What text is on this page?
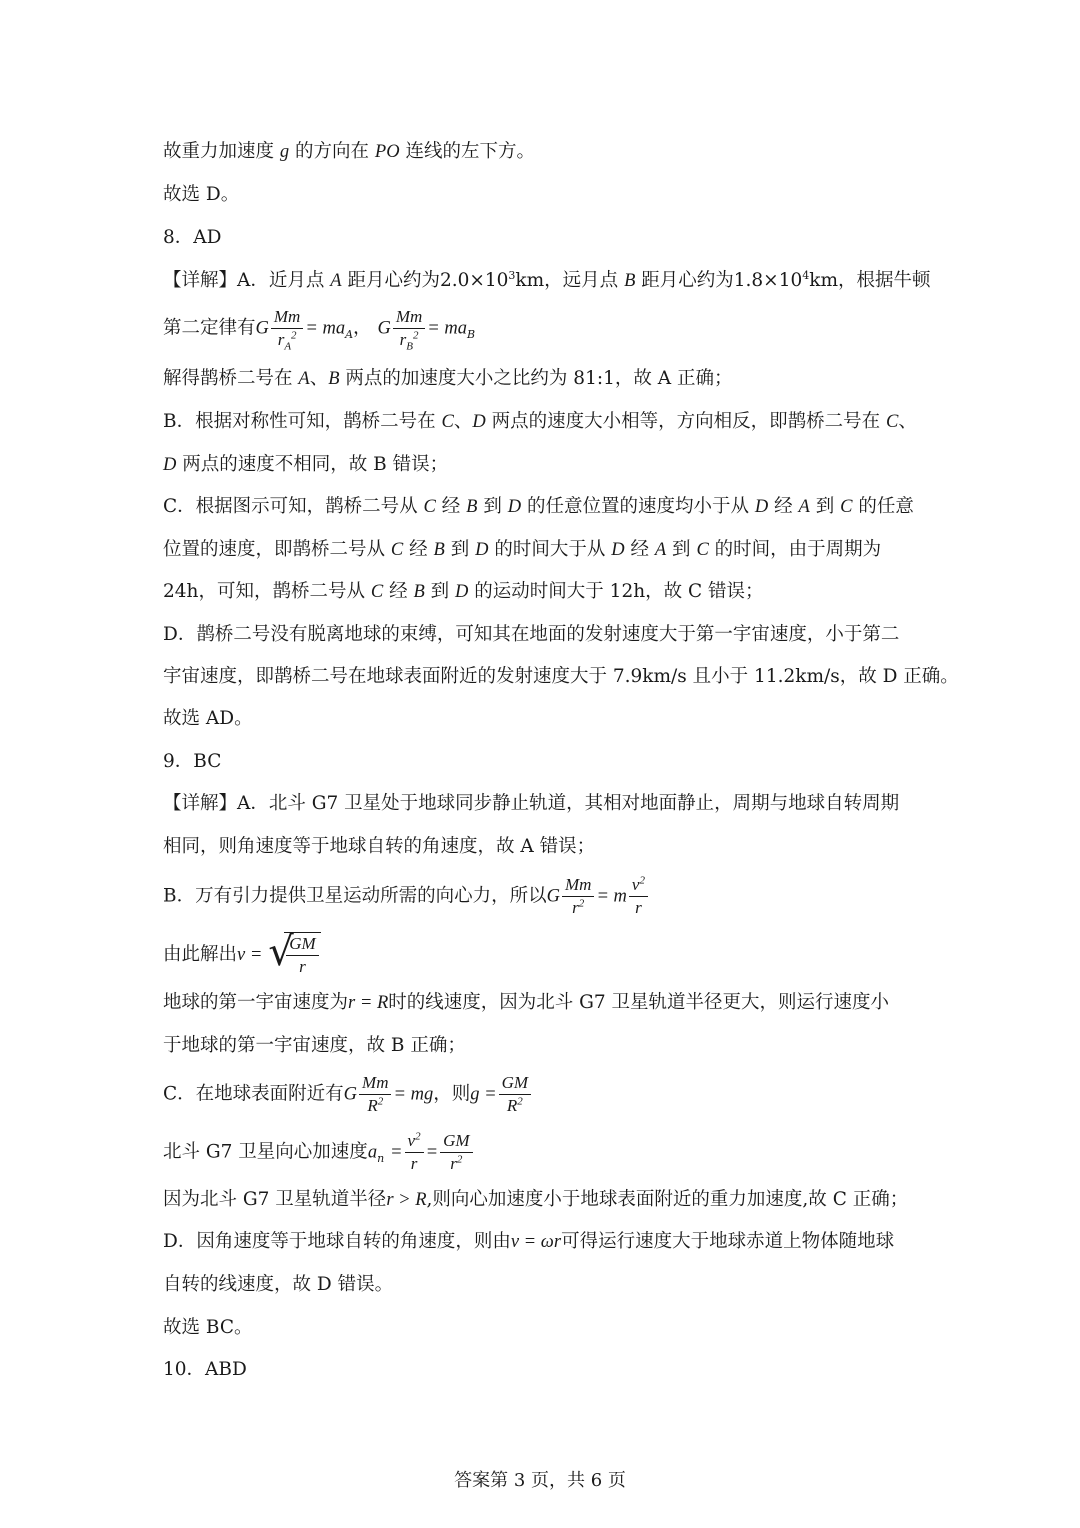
故重力加速度 g 的方向在 PO 连线的左下方。
故选 D。
8．AD
【详解】A．近月点 A 距月心约为$2.0\times 10^3km$，远月点 B 距月心约为$1.8\times 10^4km$，根据牛顿
第二定律有G $\frac{Mm}{r_A^2} = ma_A$， G $\frac{Mm}{r_B^2} = ma_B$
解得鹊桥二号在 A、B 两点的加速度大小之比约为 81:1，故 A 正确；
B．根据对称性可知，鹊桥二号在 C、D 两点的速度大小相等，方向相反，即鹊桥二号在 C、
D 两点的速度不相同，故 B 错误；
C．根据图示可知，鹊桥二号从 C 经 B 到 D 的任意位置的速度均小于从 D 经 A 到 C 的任意
位置的速度，即鹊桥二号从 C 经 B 到 D 的时间大于从 D 经 A 到 C 的时间，由于周期为
24h，可知，鹊桥二号从 C 经 B 到 D 的运动时间大于 12h，故 C 错误；
D．鹊桥二号没有脱离地球的束缚，可知其在地面的发射速度大于第一宇宙速度，小于第二
宇宙速度，即鹊桥二号在地球表面附近的发射速度大于 7.9km/s 且小于 11.2km/s，故 D 正确。
故选 AD。
9．BC
【详解】A．北斗 G7 卫星处于地球同步静止轨道，其相对地面静止，周期与地球自转周期
相同，则角速度等于地球自转的角速度，故 A 错误；
B．万有引力提供卫星运动所需的向心力，所以G $\frac{Mm}{r^2} = m \frac{v^2}{r}$
由此解出v = √
$\frac{GM}{r}$
地球的第一宇宙速度为r = R时的线速度，因为北斗 G7 卫星轨道半径更大，则运行速度小
于地球的第一宇宙速度，故 B 正确；
C．在地球表面附近有G $\frac{Mm}{R^2}$ = mg，则$g = \frac{GM}{R^2}$
北斗 G7 卫星向心加速度$a_n = \frac{v^2}{r} = \frac{GM}{r^2}$
因为北斗 G7 卫星轨道半径r > R,则向心加速度小于地球表面附近的重力加速度,故 C 正确；
D．因角速度等于地球自转的角速度，则由v = ωr可得运行速度大于地球赤道上物体随地球
自转的线速度，故 D 错误。
故选 BC。
10．ABD
答案第 3 页，共 6 页
